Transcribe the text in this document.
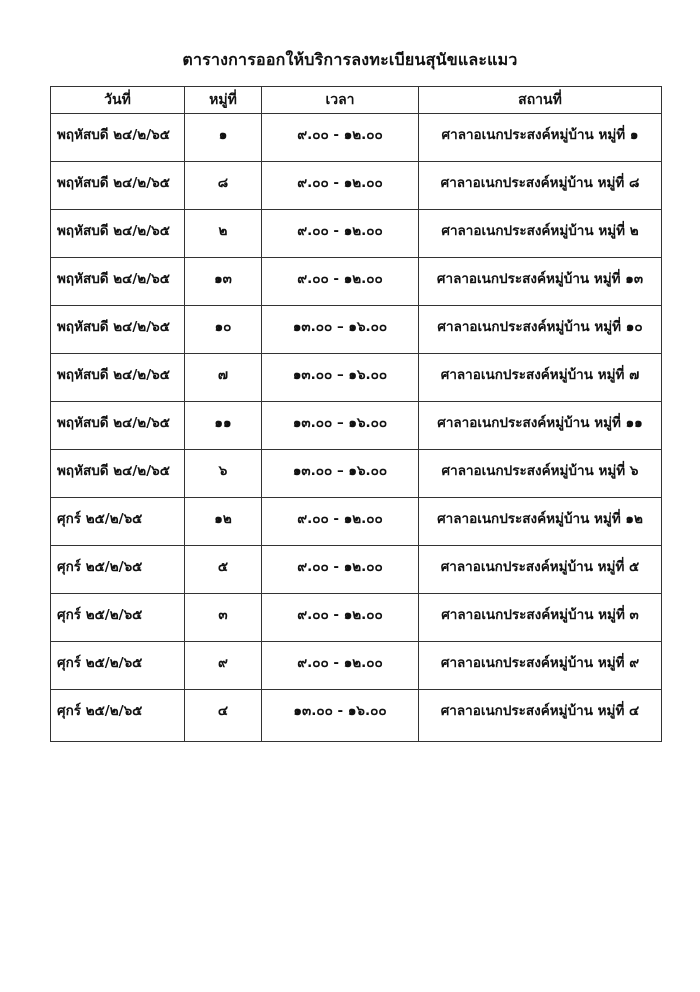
ตารางการออกให้บริการลงทะเบียนสุนัขและแมว
วันที่	หมู่ที่	เวลา	สถานที่
พฤหัสบดี ๒๔/๒/๖๕	๑	๙.๐๐ - ๑๒.๐๐	ศาลาอเนกประสงค์หมู่บ้าน หมู่ที่ ๑
พฤหัสบดี ๒๔/๒/๖๕	๘	๙.๐๐ - ๑๒.๐๐	ศาลาอเนกประสงค์หมู่บ้าน หมู่ที่ ๘
พฤหัสบดี ๒๔/๒/๖๕	๒	๙.๐๐ - ๑๒.๐๐	ศาลาอเนกประสงค์หมู่บ้าน หมู่ที่ ๒
พฤหัสบดี ๒๔/๒/๖๕	๑๓	๙.๐๐ - ๑๒.๐๐	ศาลาอเนกประสงค์หมู่บ้าน หมู่ที่ ๑๓
พฤหัสบดี ๒๔/๒/๖๕	๑๐	๑๓.๐๐ – ๑๖.๐๐	ศาลาอเนกประสงค์หมู่บ้าน หมู่ที่ ๑๐
พฤหัสบดี ๒๔/๒/๖๕	๗	๑๓.๐๐ – ๑๖.๐๐	ศาลาอเนกประสงค์หมู่บ้าน หมู่ที่ ๗
พฤหัสบดี ๒๔/๒/๖๕	๑๑	๑๓.๐๐ – ๑๖.๐๐	ศาลาอเนกประสงค์หมู่บ้าน หมู่ที่ ๑๑
พฤหัสบดี ๒๔/๒/๖๕	๖	๑๓.๐๐ – ๑๖.๐๐	ศาลาอเนกประสงค์หมู่บ้าน หมู่ที่ ๖
ศุกร์ ๒๕/๒/๖๕	๑๒	๙.๐๐ - ๑๒.๐๐	ศาลาอเนกประสงค์หมู่บ้าน หมู่ที่ ๑๒
ศุกร์ ๒๕/๒/๖๕	๕	๙.๐๐ - ๑๒.๐๐	ศาลาอเนกประสงค์หมู่บ้าน หมู่ที่ ๕
ศุกร์ ๒๕/๒/๖๕	๓	๙.๐๐ - ๑๒.๐๐	ศาลาอเนกประสงค์หมู่บ้าน หมู่ที่ ๓
ศุกร์ ๒๕/๒/๖๕	๙	๙.๐๐ - ๑๒.๐๐	ศาลาอเนกประสงค์หมู่บ้าน หมู่ที่ ๙
ศุกร์ ๒๕/๒/๖๕	๔	๑๓.๐๐ - ๑๖.๐๐	ศาลาอเนกประสงค์หมู่บ้าน หมู่ที่ ๔
